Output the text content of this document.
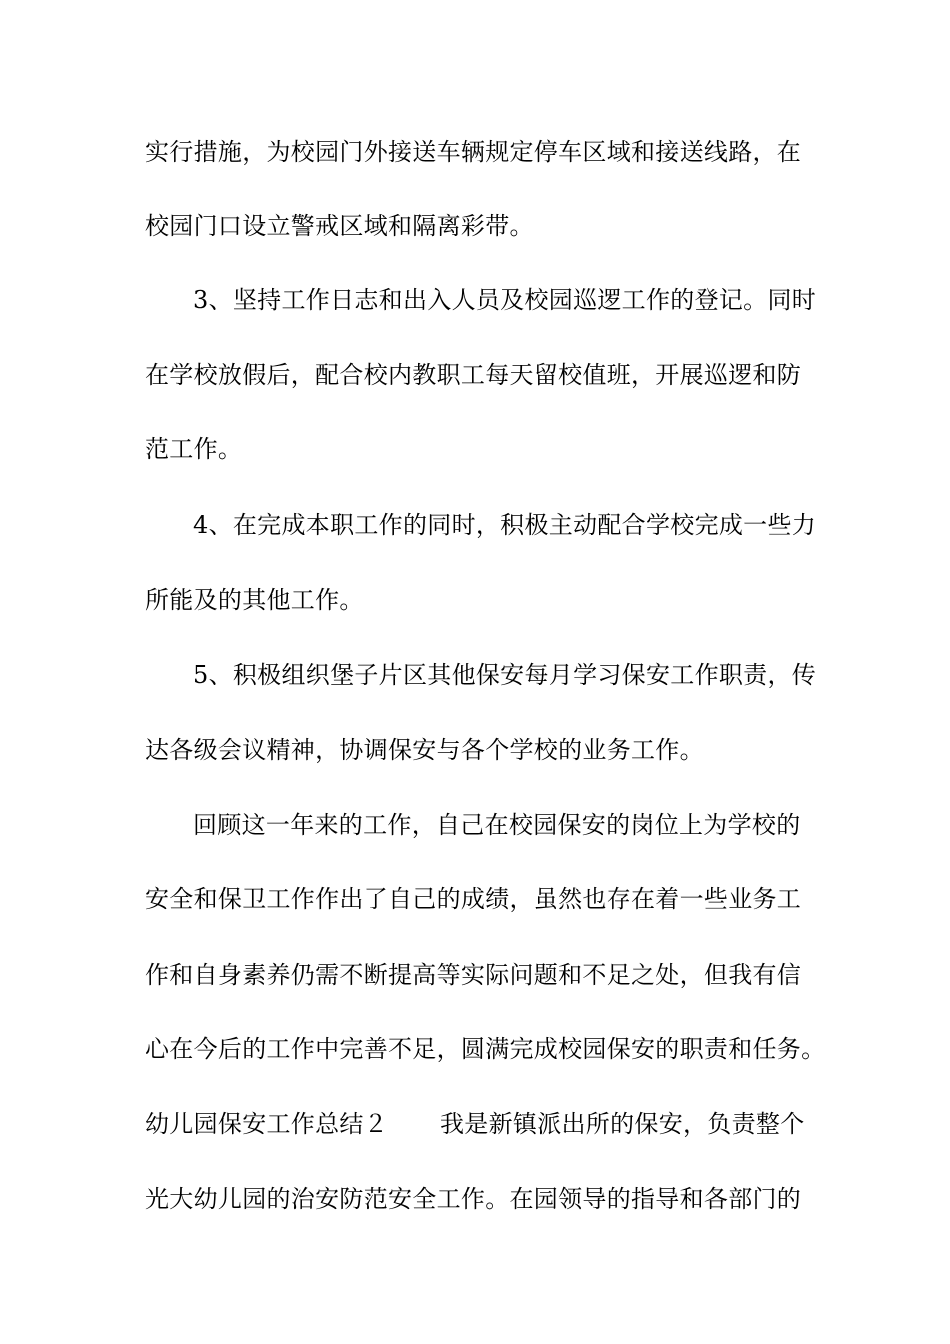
实行措施，为校园门外接送车辆规定停车区域和接送线路，在
校园门口设立警戒区域和隔离彩带。
3、坚持工作日志和出入人员及校园巡逻工作的登记。同时
在学校放假后，配合校内教职工每天留校值班，开展巡逻和防
范工作。
4、在完成本职工作的同时，积极主动配合学校完成一些力
所能及的其他工作。
5、积极组织堡子片区其他保安每月学习保安工作职责，传
达各级会议精神，协调保安与各个学校的业务工作。
回顾这一年来的工作，自己在校园保安的岗位上为学校的
安全和保卫工作作出了自己的成绩，虽然也存在着一些业务工
作和自身素养仍需不断提高等实际问题和不足之处，但我有信
心在今后的工作中完善不足，圆满完成校园保安的职责和任务。
幼儿园保安工作总结２ 我是新镇派出所的保安，负责整个
光大幼儿园的治安防范安全工作。在园领导的指导和各部门的
